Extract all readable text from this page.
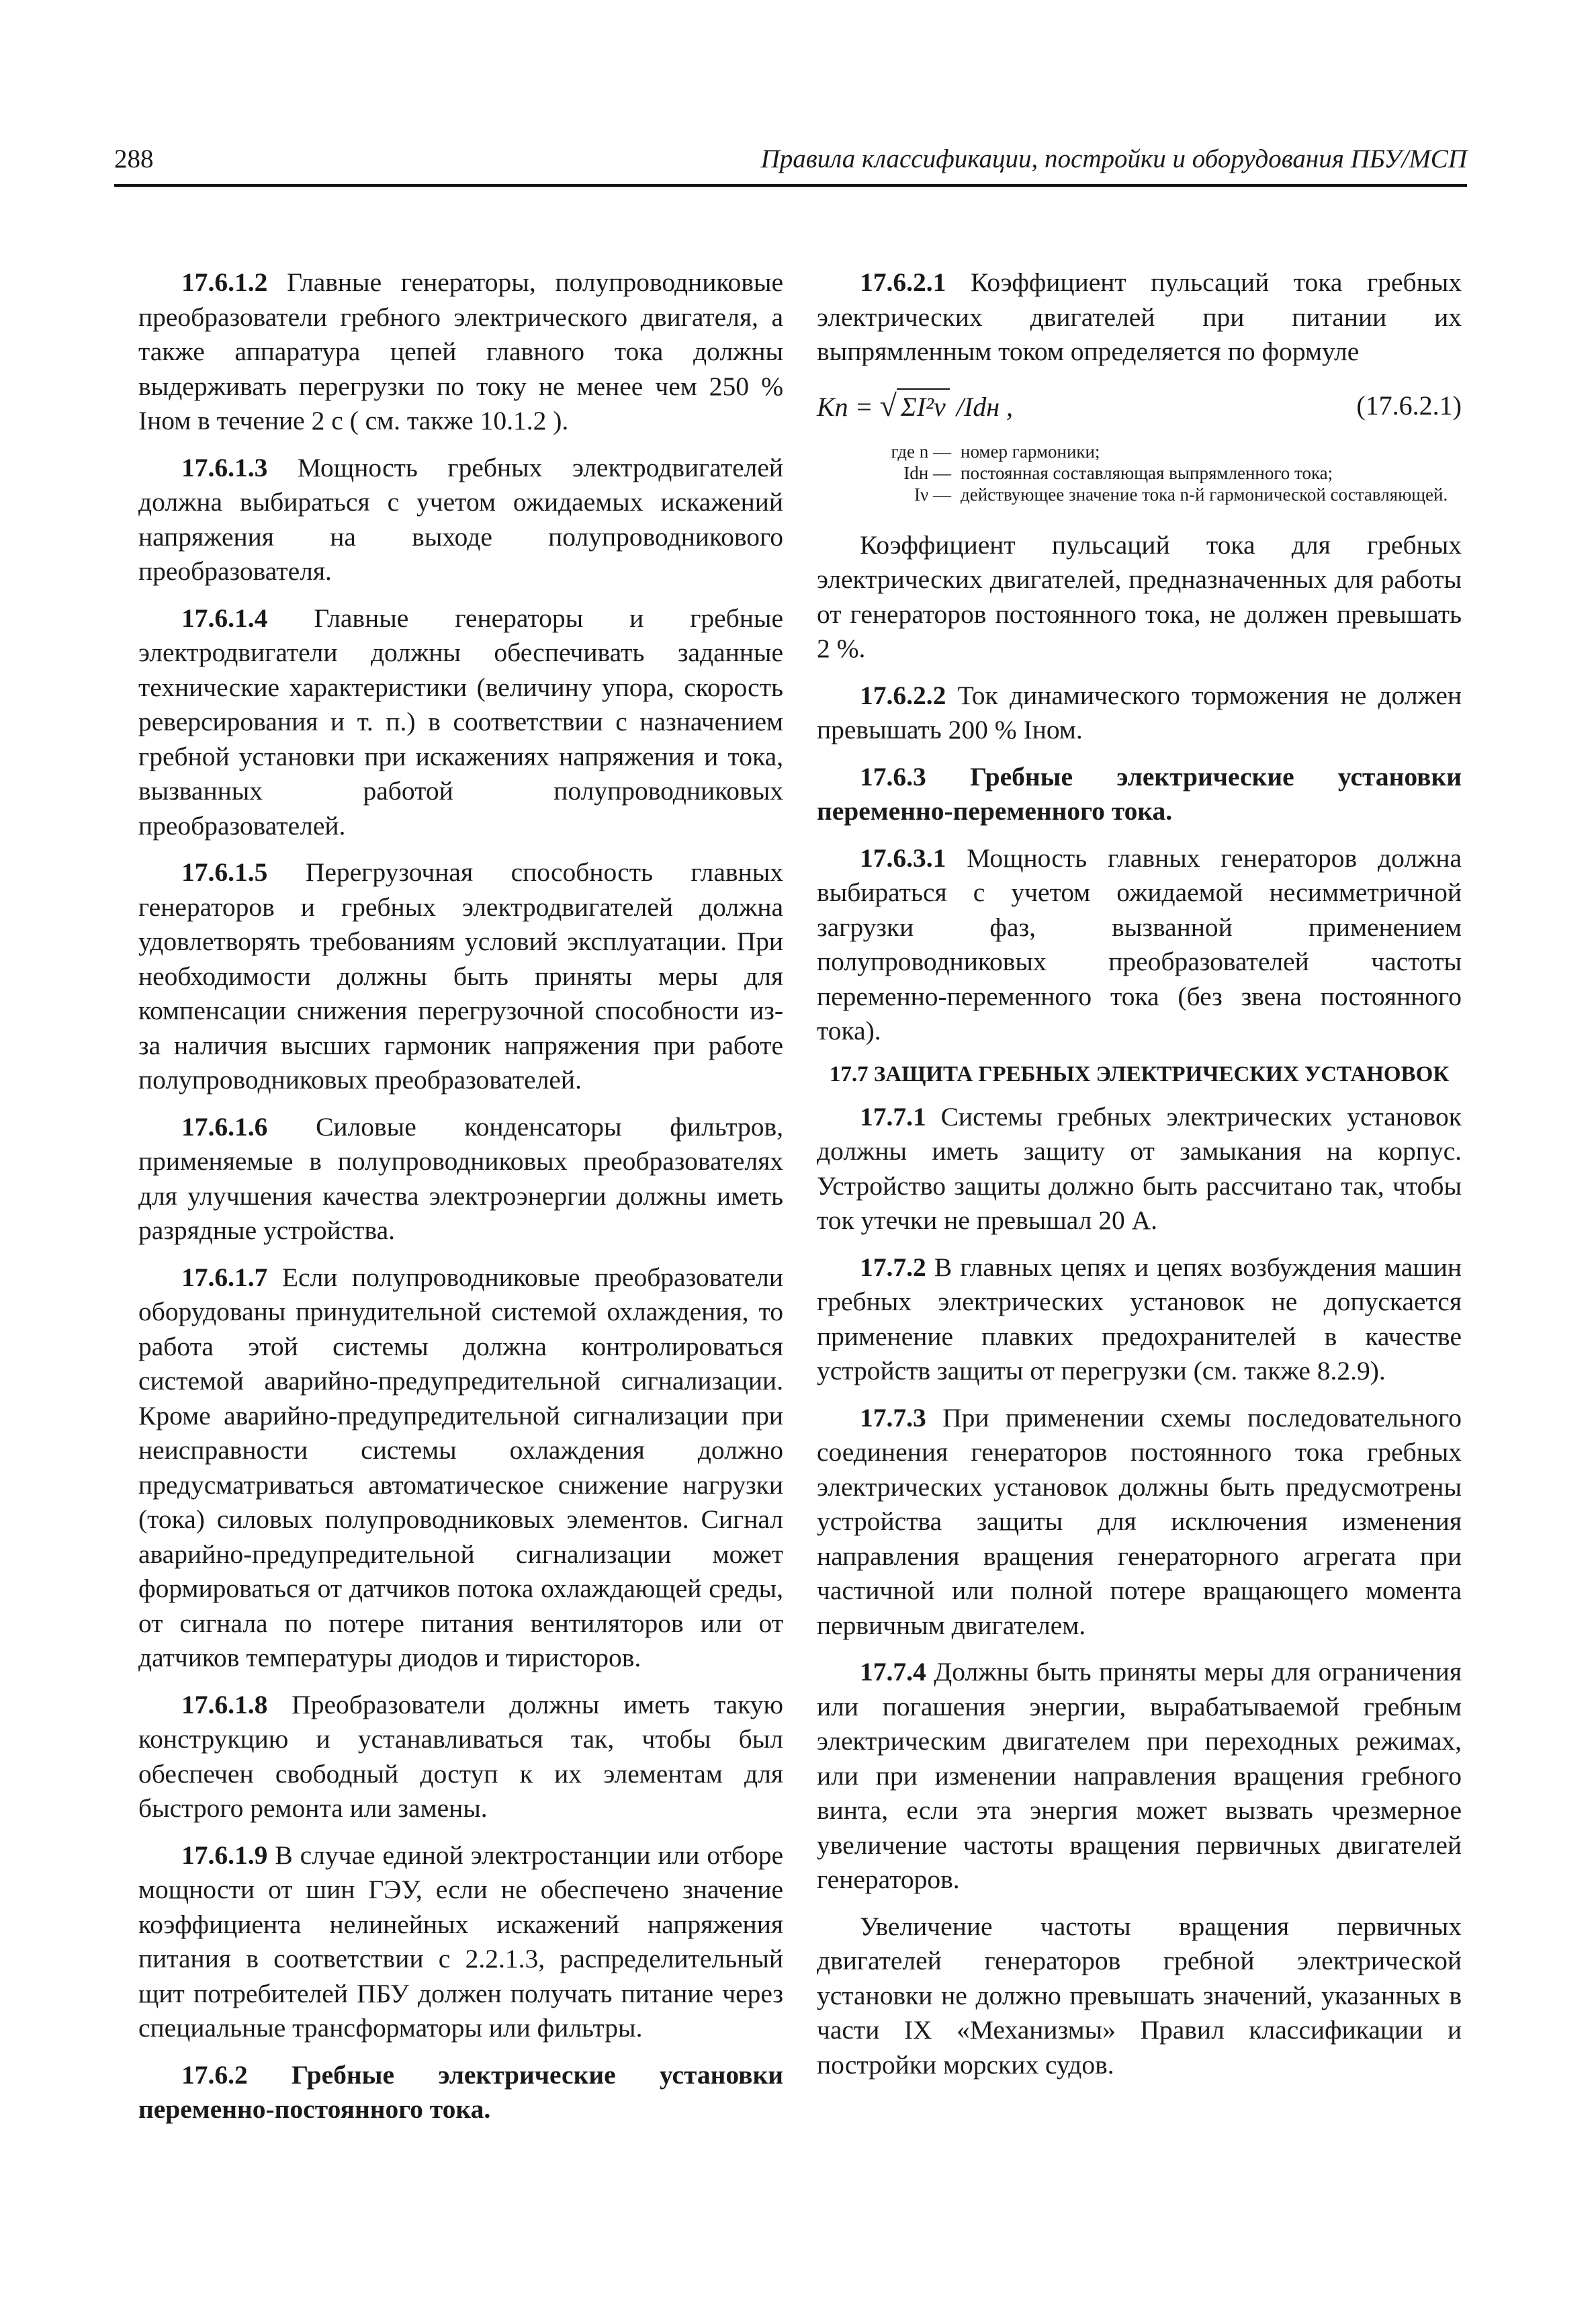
288	Правила классификации, постройки и оборудования ПБУ/МСП

17.6.1.2 Главные генераторы, полупроводниковые преобразователи гребного электрического двигателя, а также аппаратура цепей главного тока должны выдерживать перегрузки по току не менее чем 250 % Iном в течение 2 с ( см. также 10.1.2 ).

17.6.1.3 Мощность гребных электродвигателей должна выбираться с учетом ожидаемых искажений напряжения на выходе полупроводникового преобразователя.

17.6.1.4 Главные генераторы и гребные электродвигатели должны обеспечивать заданные технические характеристики (величину упора, скорость реверсирования и т. п.) в соответствии с назначением гребной установки при искажениях напряжения и тока, вызванных работой полупроводниковых преобразователей.

17.6.1.5 Перегрузочная способность главных генераторов и гребных электродвигателей должна удовлетворять требованиям условий эксплуатации. При необходимости должны быть приняты меры для компенсации снижения перегрузочной способности из-за наличия высших гармоник напряжения при работе полупроводниковых преобразователей.

17.6.1.6 Силовые конденсаторы фильтров, применяемые в полупроводниковых преобразователях для улучшения качества электроэнергии должны иметь разрядные устройства.

17.6.1.7 Если полупроводниковые преобразователи оборудованы принудительной системой охлаждения, то работа этой системы должна контролироваться системой аварийно-предупредительной сигнализации. Кроме аварийно-предупредительной сигнализации при неисправности системы охлаждения должно предусматриваться автоматическое снижение нагрузки (тока) силовых полупроводниковых элементов. Сигнал аварийно-предупредительной сигнализации может формироваться от датчиков потока охлаждающей среды, от сигнала по потере питания вентиляторов или от датчиков температуры диодов и тиристоров.

17.6.1.8 Преобразователи должны иметь такую конструкцию и устанавливаться так, чтобы был обеспечен свободный доступ к их элементам для быстрого ремонта или замены.

17.6.1.9 В случае единой электростанции или отборе мощности от шин ГЭУ, если не обеспечено значение коэффициента нелинейных искажений напряжения питания в соответствии с 2.2.1.3, распределительный щит потребителей ПБУ должен получать питание через специальные трансформаторы или фильтры.

17.6.2 Гребные электрические установки переменно-постоянного тока.

17.6.2.1 Коэффициент пульсаций тока гребных электрических двигателей при питании их выпрямленным током определяется по формуле

Kп = √ ΣI²ν /Idн ,	(17.6.2.1)
где n — номер гармоники;
Idн — постоянная составляющая выпрямленного тока;
Iν — действующее значение тока n-й гармонической составляющей.

Коэффициент пульсаций тока для гребных электрических двигателей, предназначенных для работы от генераторов постоянного тока, не должен превышать 2 %.

17.6.2.2 Ток динамического торможения не должен превышать 200 % Iном.

17.6.3 Гребные электрические установки переменно-переменного тока.

17.6.3.1 Мощность главных генераторов должна выбираться с учетом ожидаемой несимметричной загрузки фаз, вызванной применением полупроводниковых преобразователей частоты переменно-переменного тока (без звена постоянного тока).

17.7 ЗАЩИТА ГРЕБНЫХ ЭЛЕКТРИЧЕСКИХ УСТАНОВОК

17.7.1 Системы гребных электрических установок должны иметь защиту от замыкания на корпус. Устройство защиты должно быть рассчитано так, чтобы ток утечки не превышал 20 А.

17.7.2 В главных цепях и цепях возбуждения машин гребных электрических установок не допускается применение плавких предохранителей в качестве устройств защиты от перегрузки (см. также 8.2.9).

17.7.3 При применении схемы последовательного соединения генераторов постоянного тока гребных электрических установок должны быть предусмотрены устройства защиты для исключения изменения направления вращения генераторного агрегата при частичной или полной потере вращающего момента первичным двигателем.

17.7.4 Должны быть приняты меры для ограничения или погашения энергии, вырабатываемой гребным электрическим двигателем при переходных режимах, или при изменении направления вращения гребного винта, если эта энергия может вызвать чрезмерное увеличение частоты вращения первичных двигателей генераторов.

Увеличение частоты вращения первичных двигателей генераторов гребной электрической установки не должно превышать значений, указанных в части IX «Механизмы» Правил классификации и постройки морских судов.
